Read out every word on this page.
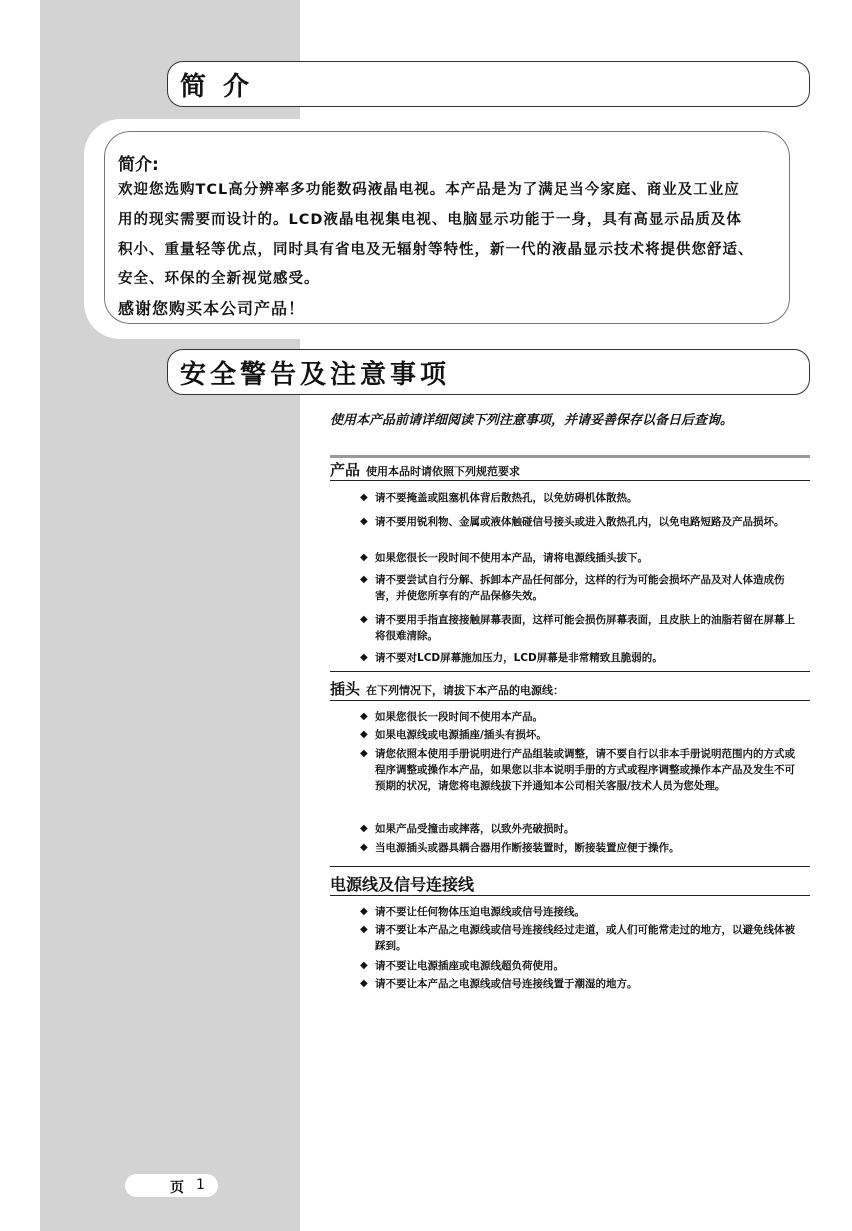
简 介
简介:
欢迎您选购TCL高分辨率多功能数码液晶电视。本产品是为了满足当今家庭、商业及工业应
用的现实需要而设计的。LCD液晶电视集电视、电脑显示功能于一身，具有高显示品质及体
积小、重量轻等优点，同时具有省电及无辐射等特性，新一代的液晶显示技术将提供您舒适、
安全、环保的全新视觉感受。
感谢您购买本公司产品！
安全警告及注意事项
使用本产品前请详细阅读下列注意事项，并请妥善保存以备日后查询。
产品 使用本品时请依照下列规范要求
◆ 请不要掩盖或阻塞机体背后散热孔，以免妨碍机体散热。
◆ 请不要用锐利物、金属或液体触碰信号接头或进入散热孔内，以免电路短路及产品损坏。
◆ 如果您很长一段时间不使用本产品，请将电源线插头拔下。
◆ 请不要尝试自行分解、拆卸本产品任何部分，这样的行为可能会损坏产品及对人体造成伤害，并使您所享有的产品保修失效。
◆ 请不要用手指直接接触屏幕表面，这样可能会损伤屏幕表面，且皮肤上的油脂若留在屏幕上将很难清除。
◆ 请不要对LCD屏幕施加压力，LCD屏幕是非常精致且脆弱的。
插头 在下列情况下，请拔下本产品的电源线：
◆ 如果您很长一段时间不使用本产品。
◆ 如果电源线或电源插座/插头有损坏。
◆ 请您依照本使用手册说明进行产品组装或调整，请不要自行以非本手册说明范围内的方式或程序调整或操作本产品，如果您以非本说明手册的方式或程序调整或操作本产品及发生不可预期的状况，请您将电源线拔下并通知本公司相关客服/技术人员为您处理。
◆ 如果产品受撞击或摔落，以致外壳破损时。
◆ 当电源插头或器具耦合器用作断接装置时，断接装置应便于操作。
电源线及信号连接线
◆ 请不要让任何物体压迫电源线或信号连接线。
◆ 请不要让本产品之电源线或信号连接线经过走道，或人们可能常走过的地方，以避免线体被踩到。
◆ 请不要让电源插座或电源线超负荷使用。
◆ 请不要让本产品之电源线或信号连接线置于潮湿的地方。
页 1
